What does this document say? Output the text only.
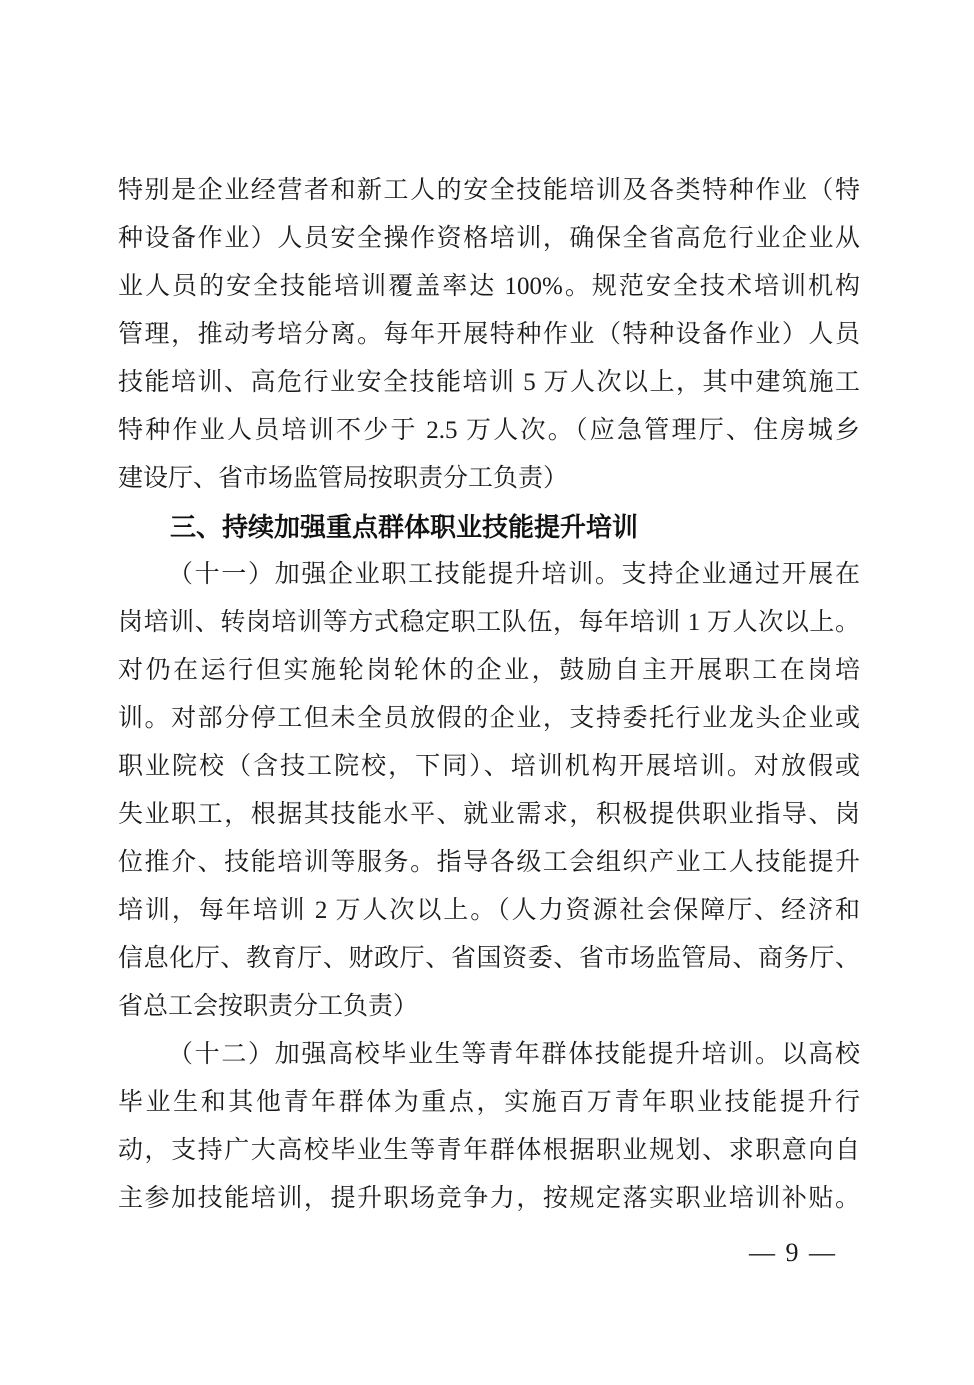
特别是企业经营者和新工人的安全技能培训及各类特种作业（特

种设备作业）人员安全操作资格培训，确保全省高危行业企业从

业人员的安全技能培训覆盖率达 100%。规范安全技术培训机构

管理，推动考培分离。每年开展特种作业（特种设备作业）人员

技能培训、高危行业安全技能培训 5 万人次以上，其中建筑施工

特种作业人员培训不少于 2.5 万人次。（应急管理厅、住房城乡

建设厅、省市场监管局按职责分工负责）

三、持续加强重点群体职业技能提升培训

（十一）加强企业职工技能提升培训。支持企业通过开展在

岗培训、转岗培训等方式稳定职工队伍，每年培训 1 万人次以上。

对仍在运行但实施轮岗轮休的企业，鼓励自主开展职工在岗培

训。对部分停工但未全员放假的企业，支持委托行业龙头企业或

职业院校（含技工院校，下同）、培训机构开展培训。对放假或

失业职工，根据其技能水平、就业需求，积极提供职业指导、岗

位推介、技能培训等服务。指导各级工会组织产业工人技能提升

培训，每年培训 2 万人次以上。（人力资源社会保障厅、经济和

信息化厅、教育厅、财政厅、省国资委、省市场监管局、商务厅、

省总工会按职责分工负责）

（十二）加强高校毕业生等青年群体技能提升培训。以高校

毕业生和其他青年群体为重点，实施百万青年职业技能提升行

动，支持广大高校毕业生等青年群体根据职业规划、求职意向自

主参加技能培训，提升职场竞争力，按规定落实职业培训补贴。

— 9 —
